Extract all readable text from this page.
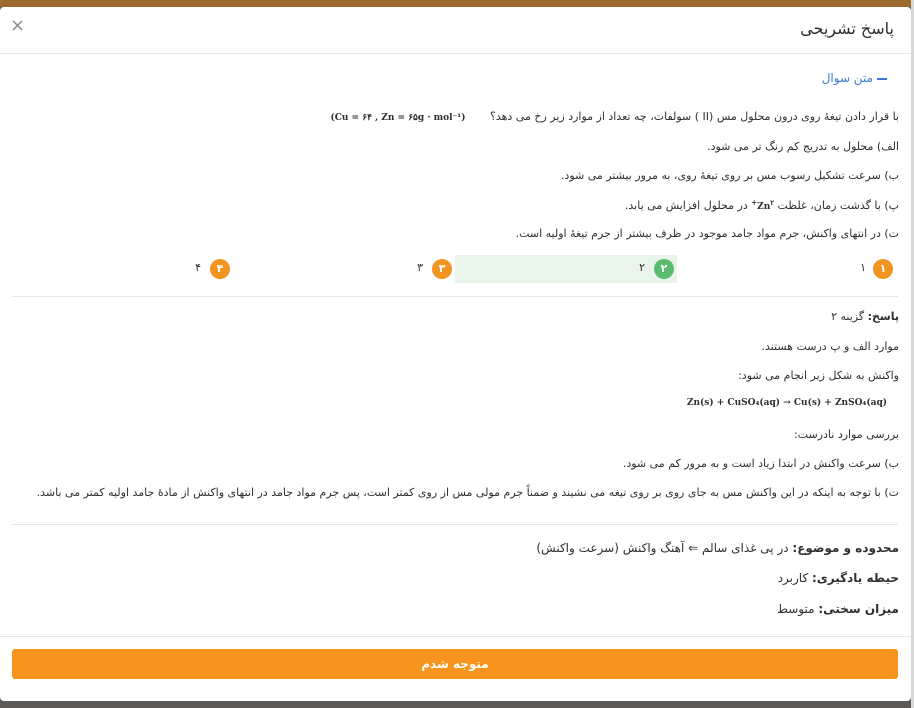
پاسخ تشریحی
×
متن سوال
با قرار دادن تیغهٔ روی درون محلول مس (II ) سولفات، چه تعداد از موارد زیر رخ می دهد؟       (Cu = ۶۴ , Zn = ۶۵g · mol⁻¹)
الف) محلول به تدریج کم رنگ تر می شود.
ب) سرعت تشکیل رسوب مس بر روی تیغهٔ روی، به مرور بیشتر می شود.
پ) با گذشت زمان، غلظت $Zn^{۲+}$ در محلول افزایش می یابد.
ت) در انتهای واکنش، جرم مواد جامد موجود در ظرف بیشتر از جرم تیغهٔ اولیه است.
۱
۱
۲
۲
۳
۳
۴
۴
پاسخ: گزینه ۲
موارد الف و پ درست هستند.
واکنش به شکل زیر انجام می شود:
Zn(s) + CuSO₄(aq) → Cu(s) + ZnSO₄(aq)
بررسی موارد نادرست:
ب) سرعت واکنش در ابتدا زیاد است و به مرور کم می شود.
ت) با توجه به اینکه در این واکنش مس به جای روی بر روی تیغه می نشیند و ضمناً جرم مولی مس از روی کمتر است، پس جرم مواد جامد در انتهای واکنش از مادهٔ جامد اولیه کمتر می باشد.
محدوده و موضوع: در پی غذای سالم ⇐ آهنگ واکنش (سرعت واکنش)
حیطه یادگیری: کاربرد
میزان سختی: متوسط
متوجه شدم
